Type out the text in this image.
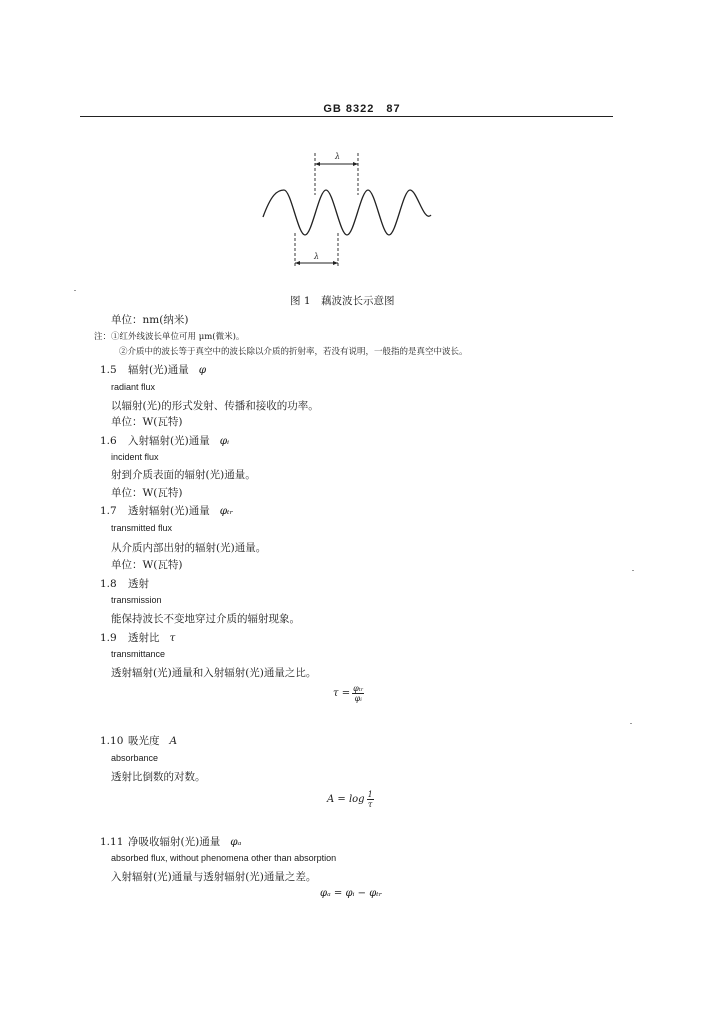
GB 8322　87
λ
λ
图 1　藕波波长示意图
单位：nm(纳米)
注：①红外线波长单位可用 μm(微米)。
②介质中的波长等于真空中的波长除以介质的折射率，若没有说明，一般指的是真空中波长。
1.5 辐射(光)通量 φ
radiant flux
以辐射(光)的形式发射、传播和接收的功率。
单位：W(瓦特)
1.6 入射辐射(光)通量 φᵢ
incident flux
射到介质表面的辐射(光)通量。
单位：W(瓦特)
1.7 透射辐射(光)通量 φₜᵣ
transmitted flux
从介质内部出射的辐射(光)通量。
单位：W(瓦特)
1.8 透射
transmission
能保持波长不变地穿过介质的辐射现象。
1.9 透射比 τ
transmittance
透射辐射(光)通量和入射辐射(光)通量之比。
$\tau = \frac{\text{φₜᵣ}}{\text{φᵢ}}$
1.10 吸光度 A
absorbance
透射比倒数的对数。
$A = \log \frac{1}{\tau}$
1.11 净吸收辐射(光)通量 φₐ
absorbed flux, without phenomena other than absorption
入射辐射(光)通量与透射辐射(光)通量之差。
φₐ = φᵢ − φₜᵣ
